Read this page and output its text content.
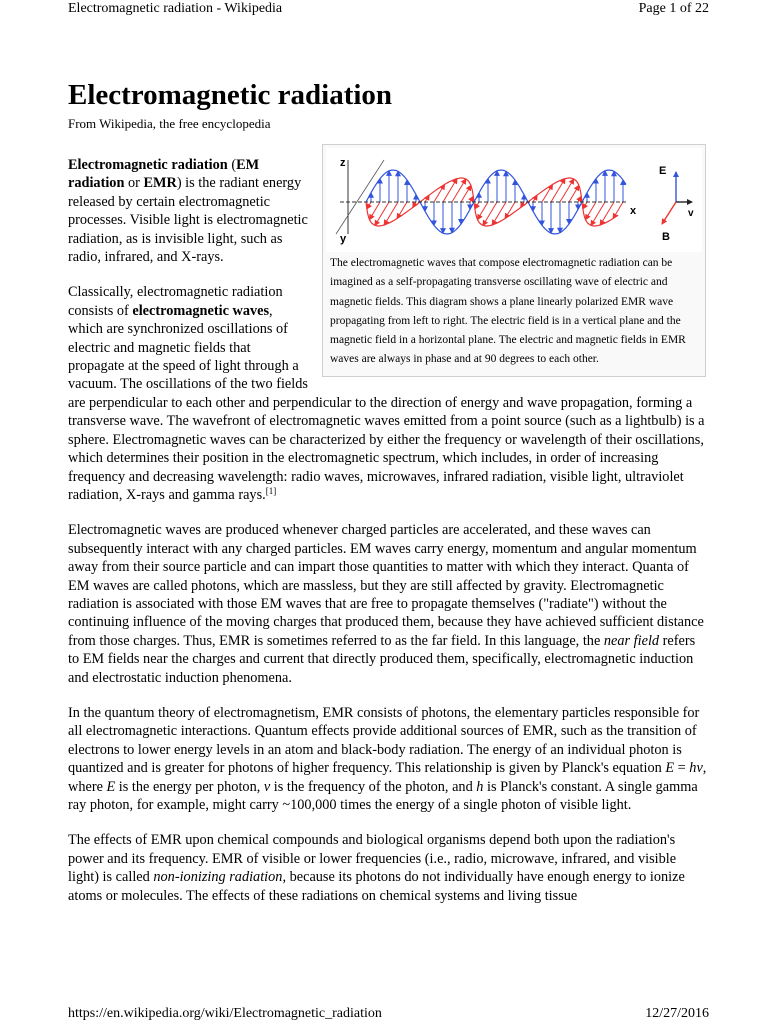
Electromagnetic radiation - Wikipedia	Page 1 of 22
Electromagnetic radiation
From Wikipedia, the free encyclopedia
z
y
x
E
v
B
The electromagnetic waves that compose electromagnetic radiation can be imagined as a self-propagating transverse oscillating wave of electric and magnetic fields. This diagram shows a plane linearly polarized EMR wave propagating from left to right. The electric field is in a vertical plane and the magnetic field in a horizontal plane. The electric and magnetic fields in EMR waves are always in phase and at 90 degrees to each other.

Electromagnetic radiation (EM radiation or EMR) is the radiant energy released by certain electromagnetic processes. Visible light is electromagnetic radiation, as is invisible light, such as radio, infrared, and X-rays.

Classically, electromagnetic radiation consists of electromagnetic waves, which are synchronized oscillations of electric and magnetic fields that propagate at the speed of light through a vacuum. The oscillations of the two fields are perpendicular to each other and perpendicular to the direction of energy and wave propagation, forming a transverse wave. The wavefront of electromagnetic waves emitted from a point source (such as a lightbulb) is a sphere. Electromagnetic waves can be characterized by either the frequency or wavelength of their oscillations, which determines their position in the electromagnetic spectrum, which includes, in order of increasing frequency and decreasing wavelength: radio waves, microwaves, infrared radiation, visible light, ultraviolet radiation, X-rays and gamma rays.[1]

Electromagnetic waves are produced whenever charged particles are accelerated, and these waves can subsequently interact with any charged particles. EM waves carry energy, momentum and angular momentum away from their source particle and can impart those quantities to matter with which they interact. Quanta of EM waves are called photons, which are massless, but they are still affected by gravity. Electromagnetic radiation is associated with those EM waves that are free to propagate themselves ("radiate") without the continuing influence of the moving charges that produced them, because they have achieved sufficient distance from those charges. Thus, EMR is sometimes referred to as the far field. In this language, the near field refers to EM fields near the charges and current that directly produced them, specifically, electromagnetic induction and electrostatic induction phenomena.

In the quantum theory of electromagnetism, EMR consists of photons, the elementary particles responsible for all electromagnetic interactions. Quantum effects provide additional sources of EMR, such as the transition of electrons to lower energy levels in an atom and black-body radiation. The energy of an individual photon is quantized and is greater for photons of higher frequency. This relationship is given by Planck's equation E = hν, where E is the energy per photon, ν is the frequency of the photon, and h is Planck's constant. A single gamma ray photon, for example, might carry ~100,000 times the energy of a single photon of visible light.

The effects of EMR upon chemical compounds and biological organisms depend both upon the radiation's power and its frequency. EMR of visible or lower frequencies (i.e., radio, microwave, infrared, and visible light) is called non-ionizing radiation, because its photons do not individually have enough energy to ionize atoms or molecules. The effects of these radiations on chemical systems and living tissue

https://en.wikipedia.org/wiki/Electromagnetic_radiation	12/27/2016
